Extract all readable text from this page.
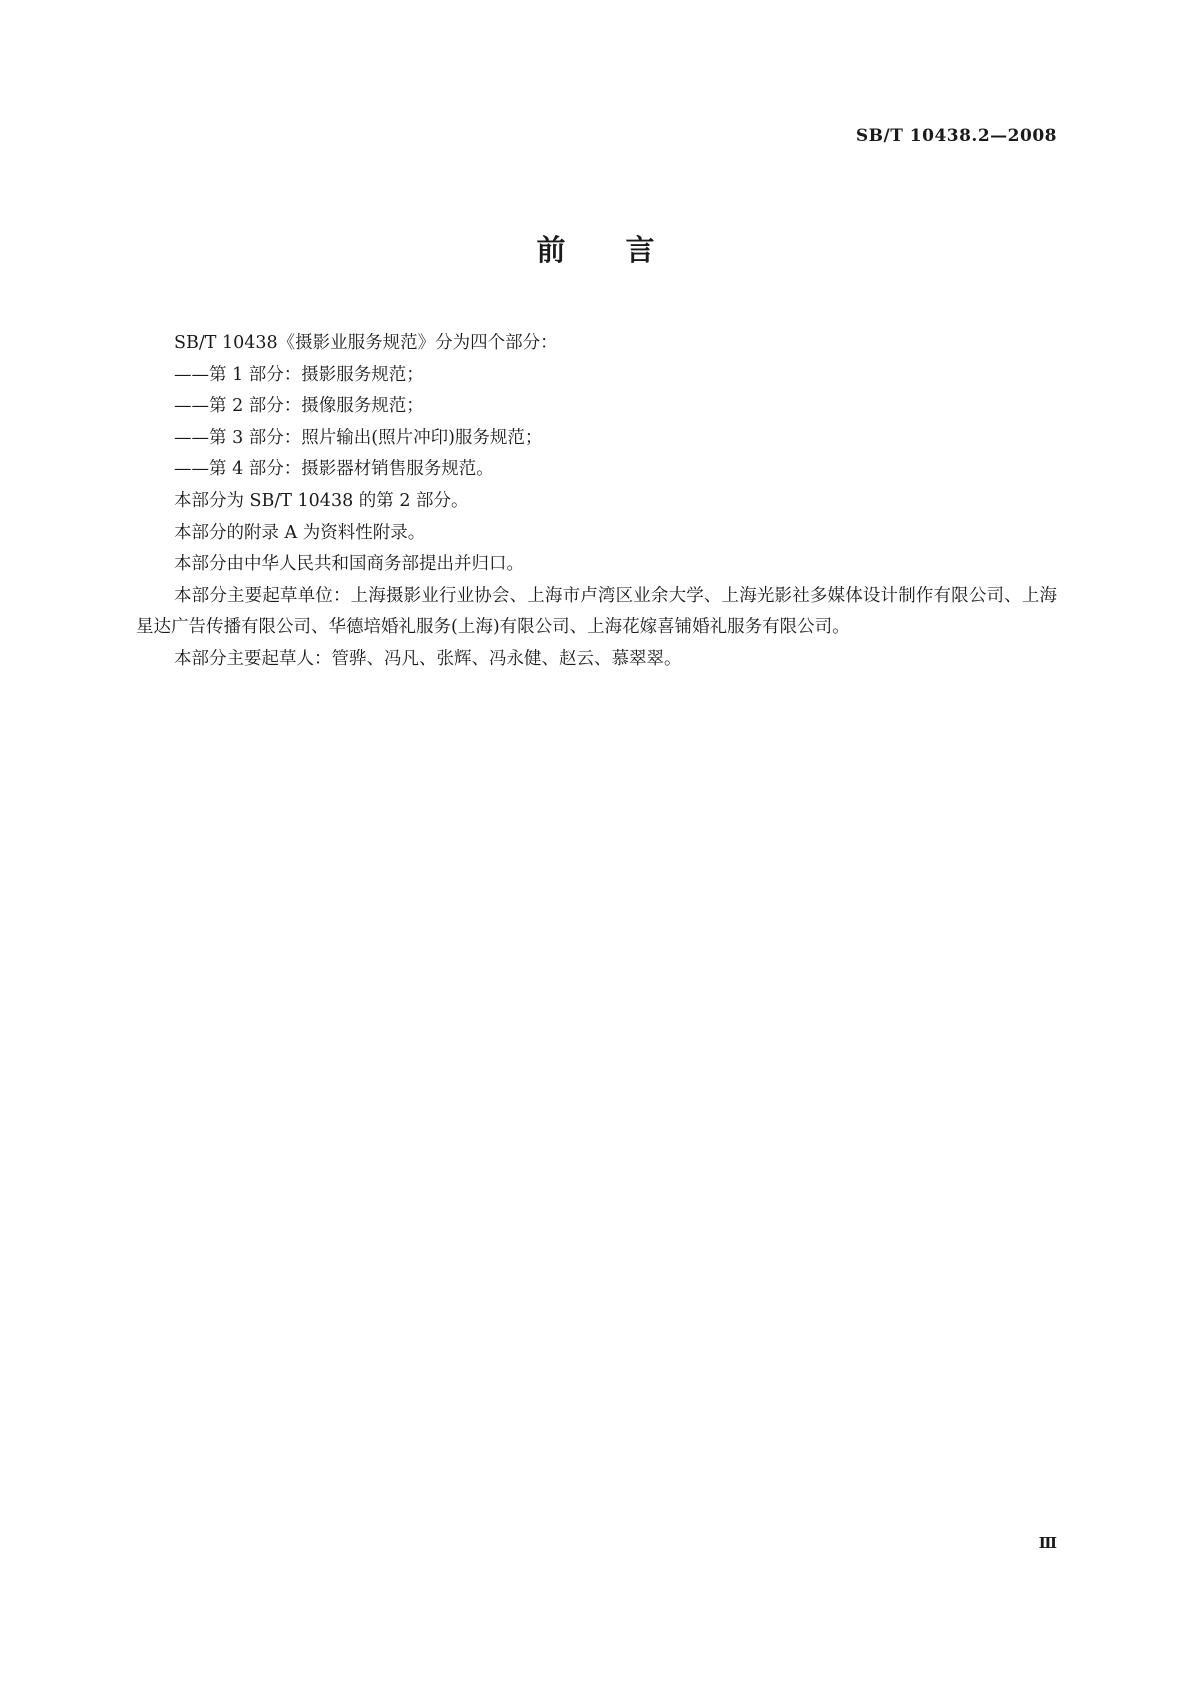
SB/T 10438.2—2008
前言

SB/T 10438《摄影业服务规范》分为四个部分：

——第 1 部分：摄影服务规范；

——第 2 部分：摄像服务规范；

——第 3 部分：照片输出(照片冲印)服务规范；

——第 4 部分：摄影器材销售服务规范。

本部分为 SB/T 10438 的第 2 部分。

本部分的附录 A 为资料性附录。

本部分由中华人民共和国商务部提出并归口。

本部分主要起草单位：上海摄影业行业协会、上海市卢湾区业余大学、上海光影社多媒体设计制作有限公司、上海星达广告传播有限公司、华德培婚礼服务(上海)有限公司、上海花嫁喜铺婚礼服务有限公司。

本部分主要起草人：管骅、冯凡、张辉、冯永健、赵云、慕翠翠。

Ⅲ
